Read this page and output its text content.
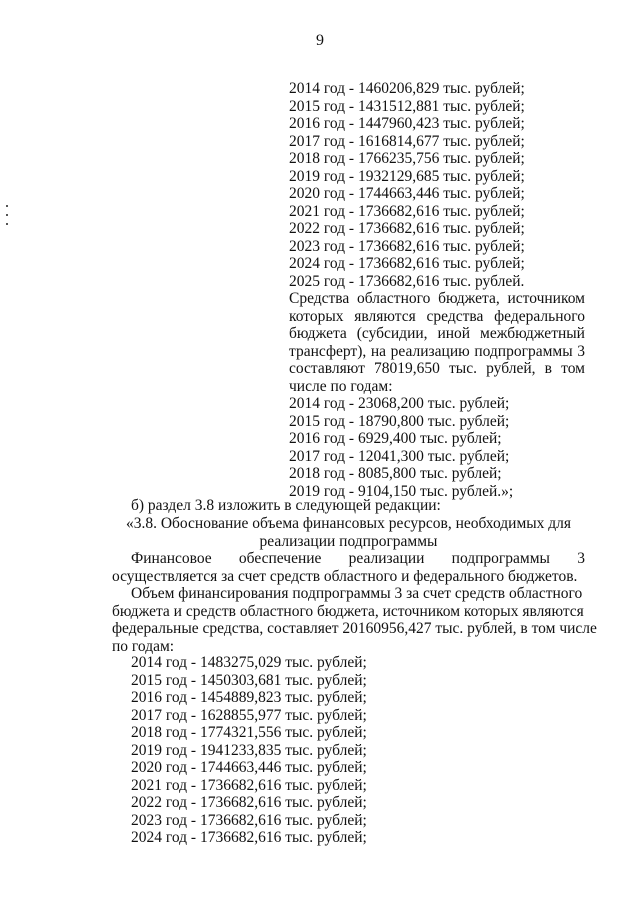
9
2014 год - 1460206,829 тыс. рублей;
2015 год - 1431512,881 тыс. рублей;
2016 год - 1447960,423 тыс. рублей;
2017 год - 1616814,677 тыс. рублей;
2018 год - 1766235,756 тыс. рублей;
2019 год - 1932129,685 тыс. рублей;
2020 год - 1744663,446 тыс. рублей;
2021 год - 1736682,616 тыс. рублей;
2022 год - 1736682,616 тыс. рублей;
2023 год - 1736682,616 тыс. рублей;
2024 год - 1736682,616 тыс. рублей;
2025 год - 1736682,616 тыс. рублей.
Средства областного бюджета, источником
которых являются средства федерального
бюджета (субсидии, иной межбюджетный
трансферт), на реализацию подпрограммы 3
составляют 78019,650 тыс. рублей, в том
числе по годам:
2014 год - 23068,200 тыс. рублей;
2015 год - 18790,800 тыс. рублей;
2016 год - 6929,400 тыс. рублей;
2017 год - 12041,300 тыс. рублей;
2018 год - 8085,800 тыс. рублей;
2019 год - 9104,150 тыс. рублей.»;
б) раздел 3.8 изложить в следующей редакции:
«3.8. Обоснование объема финансовых ресурсов, необходимых для
реализации подпрограммы
Финансовое обеспечение реализации подпрограммы 3
осуществляется за счет средств областного и федерального бюджетов.
Объем финансирования подпрограммы 3 за счет средств областного
бюджета и средств областного бюджета, источником которых являются
федеральные средства, составляет 20160956,427 тыс. рублей, в том числе
по годам:
2014 год - 1483275,029 тыс. рублей;
2015 год - 1450303,681 тыс. рублей;
2016 год - 1454889,823 тыс. рублей;
2017 год - 1628855,977 тыс. рублей;
2018 год - 1774321,556 тыс. рублей;
2019 год - 1941233,835 тыс. рублей;
2020 год - 1744663,446 тыс. рублей;
2021 год - 1736682,616 тыс. рублей;
2022 год - 1736682,616 тыс. рублей;
2023 год - 1736682,616 тыс. рублей;
2024 год - 1736682,616 тыс. рублей;
